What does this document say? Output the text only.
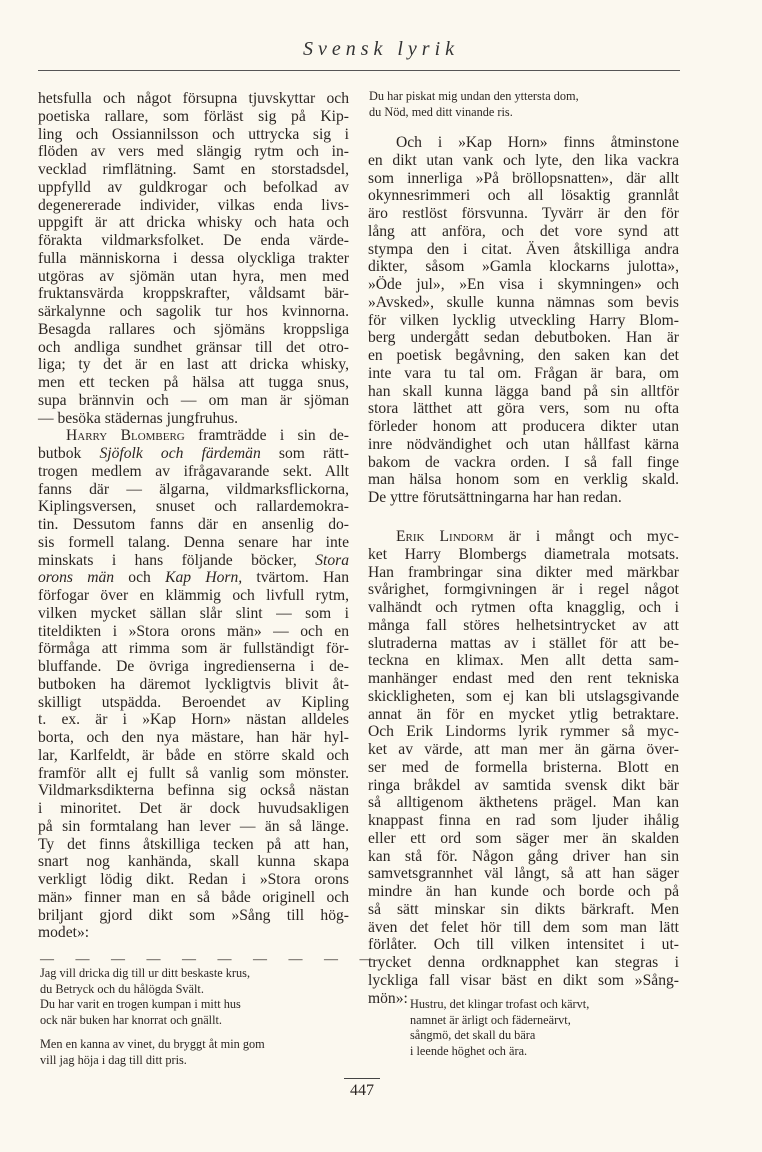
Svensk lyrik
hetsfulla och något försupna tjuvskyttar och
poetiska rallare, som förläst sig på Kip-
ling och Ossiannilsson och uttrycka sig i
flöden av vers med slängig rytm och in-
vecklad rimflätning. Samt en storstadsdel,
uppfylld av guldkrogar och befolkad av
degenererade individer, vilkas enda livs-
uppgift är att dricka whisky och hata och
förakta vildmarksfolket. De enda värde-
fulla människorna i dessa olyckliga trakter
utgöras av sjömän utan hyra, men med
fruktansvärda kroppskrafter, våldsamt bär-
särkalynne och sagolik tur hos kvinnorna.
Besagda rallares och sjömäns kroppsliga
och andliga sundhet gränsar till det otro-
liga; ty det är en last att dricka whisky,
men ett tecken på hälsa att tugga snus,
supa brännvin och — om man är sjöman
— besöka städernas jungfruhus.
Harry Blomberg framträdde i sin de-
butbok Sjöfolk och färdemän som rätt-
trogen medlem av ifrågavarande sekt. Allt
fanns där — älgarna, vildmarksflickorna,
Kiplingsversen, snuset och rallardemokra-
tin. Dessutom fanns där en ansenlig do-
sis formell talang. Denna senare har inte
minskats i hans följande böcker, Stora
orons män och Kap Horn, tvärtom. Han
förfogar över en klämmig och livfull rytm,
vilken mycket sällan slår slint — som i
titeldikten i »Stora orons män» — och en
förmåga att rimma som är fullständigt för-
bluffande. De övriga ingredienserna i de-
butboken ha däremot lyckligtvis blivit åt-
skilligt utspädda. Beroendet av Kipling
t. ex. är i »Kap Horn» nästan alldeles
borta, och den nya mästare, han här hyl-
lar, Karlfeldt, är både en större skald och
framför allt ej fullt så vanlig som mönster.
Vildmarksdikterna befinna sig också nästan
i minoritet. Det är dock huvudsakligen
på sin formtalang han lever — än så länge.
Ty det finns åtskilliga tecken på att han,
snart nog kanhända, skall kunna skapa
verkligt lödig dikt. Redan i »Stora orons
män» finner man en så både originell och
briljant gjord dikt som »Sång till hög-
modet»:
— — — — — — — — — —
Jag vill dricka dig till ur ditt beskaste krus,
du Betryck och du hålögda Svält.
Du har varit en trogen kumpan i mitt hus
ock när buken har knorrat och gnällt.
Men en kanna av vinet, du bryggt åt min gom
vill jag höja i dag till ditt pris.
Du har piskat mig undan den yttersta dom,
du Nöd, med ditt vinande ris.
Och i »Kap Horn» finns åtminstone
en dikt utan vank och lyte, den lika vackra
som innerliga »På bröllopsnatten», där allt
okynnesrimmeri och all lösaktig grannlåt
äro restlöst försvunna. Tyvärr är den för
lång att anföra, och det vore synd att
stympa den i citat. Även åtskilliga andra
dikter, såsom »Gamla klockarns julotta»,
»Öde jul», »En visa i skymningen» och
»Avsked», skulle kunna nämnas som bevis
för vilken lycklig utveckling Harry Blom-
berg undergått sedan debutboken. Han är
en poetisk begåvning, den saken kan det
inte vara tu tal om. Frågan är bara, om
han skall kunna lägga band på sin alltför
stora lätthet att göra vers, som nu ofta
förleder honom att producera dikter utan
inre nödvändighet och utan hållfast kärna
bakom de vackra orden. I så fall finge
man hälsa honom som en verklig skald.
De yttre förutsättningarna har han redan.
Erik Lindorm är i mångt och myc-
ket Harry Blombergs diametrala motsats.
Han frambringar sina dikter med märkbar
svårighet, formgivningen är i regel något
valhändt och rytmen ofta knagglig, och i
många fall störes helhetsintrycket av att
slutraderna mattas av i stället för att be-
teckna en klimax. Men allt detta sam-
manhänger endast med den rent tekniska
skickligheten, som ej kan bli utslagsgivande
annat än för en mycket ytlig betraktare.
Och Erik Lindorms lyrik rymmer så myc-
ket av värde, att man mer än gärna över-
ser med de formella bristerna. Blott en
ringa bråkdel av samtida svensk dikt bär
så alltigenom äkthetens prägel. Man kan
knappast finna en rad som ljuder ihålig
eller ett ord som säger mer än skalden
kan stå för. Någon gång driver han sin
samvetsgrannhet väl långt, så att han säger
mindre än han kunde och borde och på
så sätt minskar sin dikts bärkraft. Men
även det felet hör till dem som man lätt
förlåter. Och till vilken intensitet i ut-
trycket denna ordknapphet kan stegras i
lyckliga fall visar bäst en dikt som »Sång-
mön»: Hustru, det klingar trofast och kärvt,
namnet är ärligt och fäderneärvt,
sångmö, det skall du bära
i leende höghet och ära.
447
